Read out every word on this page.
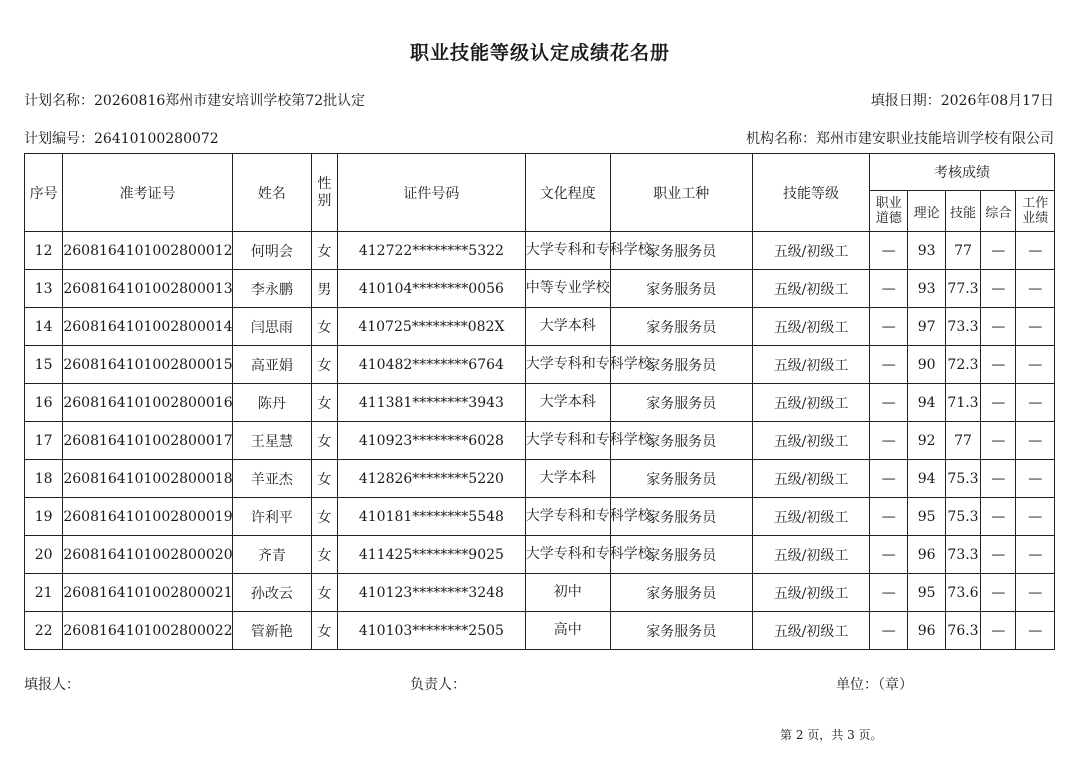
职业技能等级认定成绩花名册
计划名称：20260816郑州市建安培训学校第72批认定	填报日期：2026年08月17日
计划编号：26410100280072	机构名称：郑州市建安职业技能培训学校有限公司
序号	准考证号	姓名	性别	证件号码	文化程度	职业工种	技能等级	考核成绩				
								职业道德	理论	技能	综合	工作业绩
12	2608164101002800012	何明会	女	412722********5322	大学专科和专科学校	家务服务员	五级/初级工	—	93	77	—	—
13	2608164101002800013	李永鹏	男	410104********0056	中等专业学校	家务服务员	五级/初级工	—	93	77.3	—	—
14	2608164101002800014	闫思雨	女	410725********082X	大学本科	家务服务员	五级/初级工	—	97	73.3	—	—
15	2608164101002800015	高亚娟	女	410482********6764	大学专科和专科学校	家务服务员	五级/初级工	—	90	72.3	—	—
16	2608164101002800016	陈丹	女	411381********3943	大学本科	家务服务员	五级/初级工	—	94	71.3	—	—
17	2608164101002800017	王星慧	女	410923********6028	大学专科和专科学校	家务服务员	五级/初级工	—	92	77	—	—
18	2608164101002800018	羊亚杰	女	412826********5220	大学本科	家务服务员	五级/初级工	—	94	75.3	—	—
19	2608164101002800019	许利平	女	410181********5548	大学专科和专科学校	家务服务员	五级/初级工	—	95	75.3	—	—
20	2608164101002800020	齐青	女	411425********9025	大学专科和专科学校	家务服务员	五级/初级工	—	96	73.3	—	—
21	2608164101002800021	孙改云	女	410123********3248	初中	家务服务员	五级/初级工	—	95	73.6	—	—
22	2608164101002800022	管新艳	女	410103********2505	高中	家务服务员	五级/初级工	—	96	76.3	—	—
填报人：	负责人：	单位：（章）
第 2 页，共 3 页。
